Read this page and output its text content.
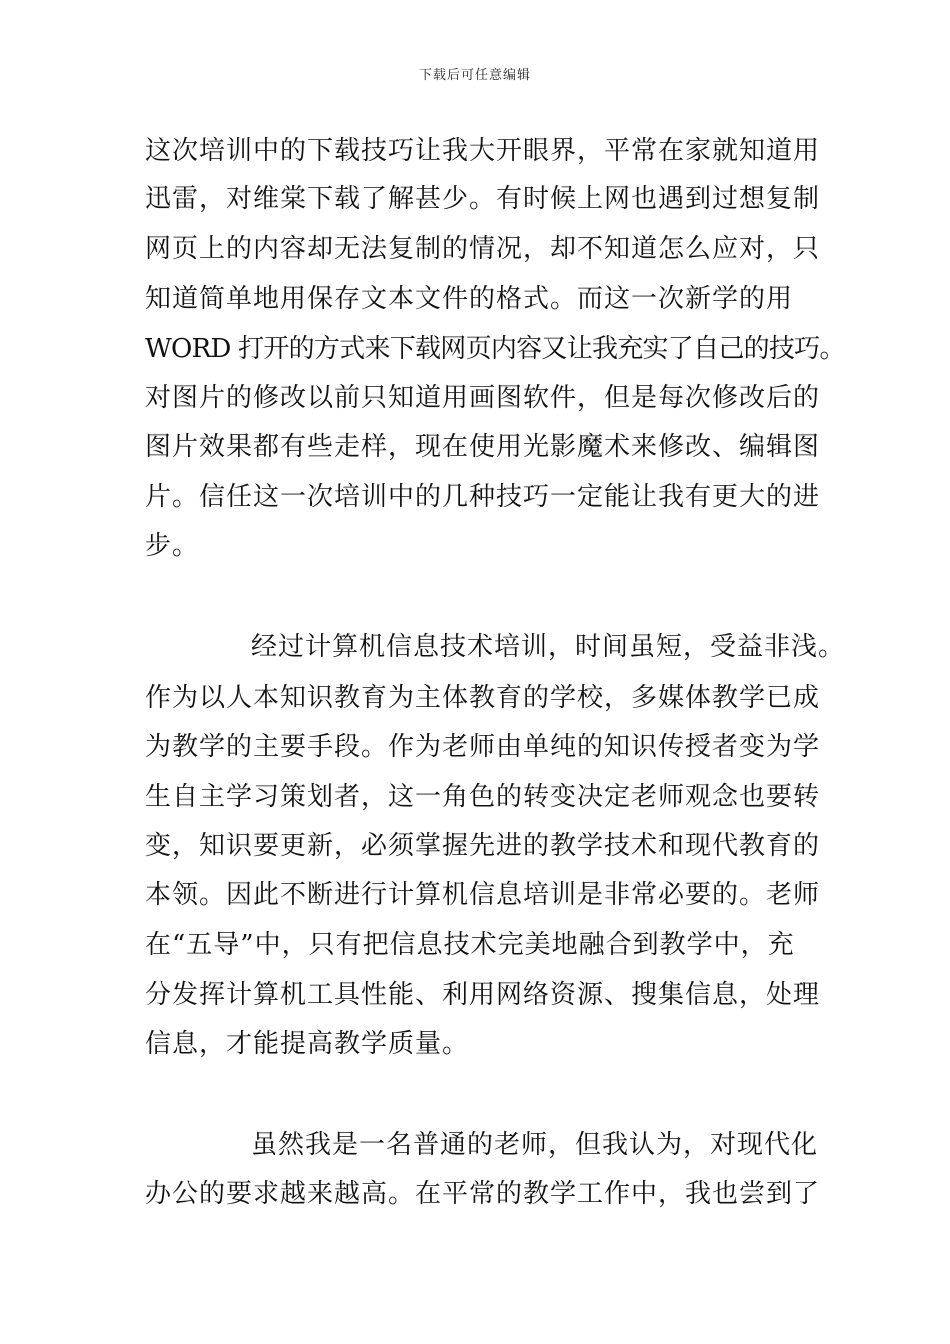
下载后可任意编辑
这次培训中的下载技巧让我大开眼界，平常在家就知道用
迅雷，对维棠下载了解甚少。有时候上网也遇到过想复制
网页上的内容却无法复制的情况，却不知道怎么应对，只
知道简单地用保存文本文件的格式。而这一次新学的用
WORD 打开的方式来下载网页内容又让我充实了自己的技巧。
对图片的修改以前只知道用画图软件，但是每次修改后的
图片效果都有些走样，现在使用光影魔术来修改、编辑图
片。信任这一次培训中的几种技巧一定能让我有更大的进
步。
经过计算机信息技术培训，时间虽短，受益非浅。
作为以人本知识教育为主体教育的学校，多媒体教学已成
为教学的主要手段。作为老师由单纯的知识传授者变为学
生自主学习策划者，这一角色的转变决定老师观念也要转
变，知识要更新，必须掌握先进的教学技术和现代教育的
本领。因此不断进行计算机信息培训是非常必要的。老师
在“五导”中，只有把信息技术完美地融合到教学中，充
分发挥计算机工具性能、利用网络资源、搜集信息，处理
信息，才能提高教学质量。
虽然我是一名普通的老师，但我认为，对现代化
办公的要求越来越高。在平常的教学工作中，我也尝到了
